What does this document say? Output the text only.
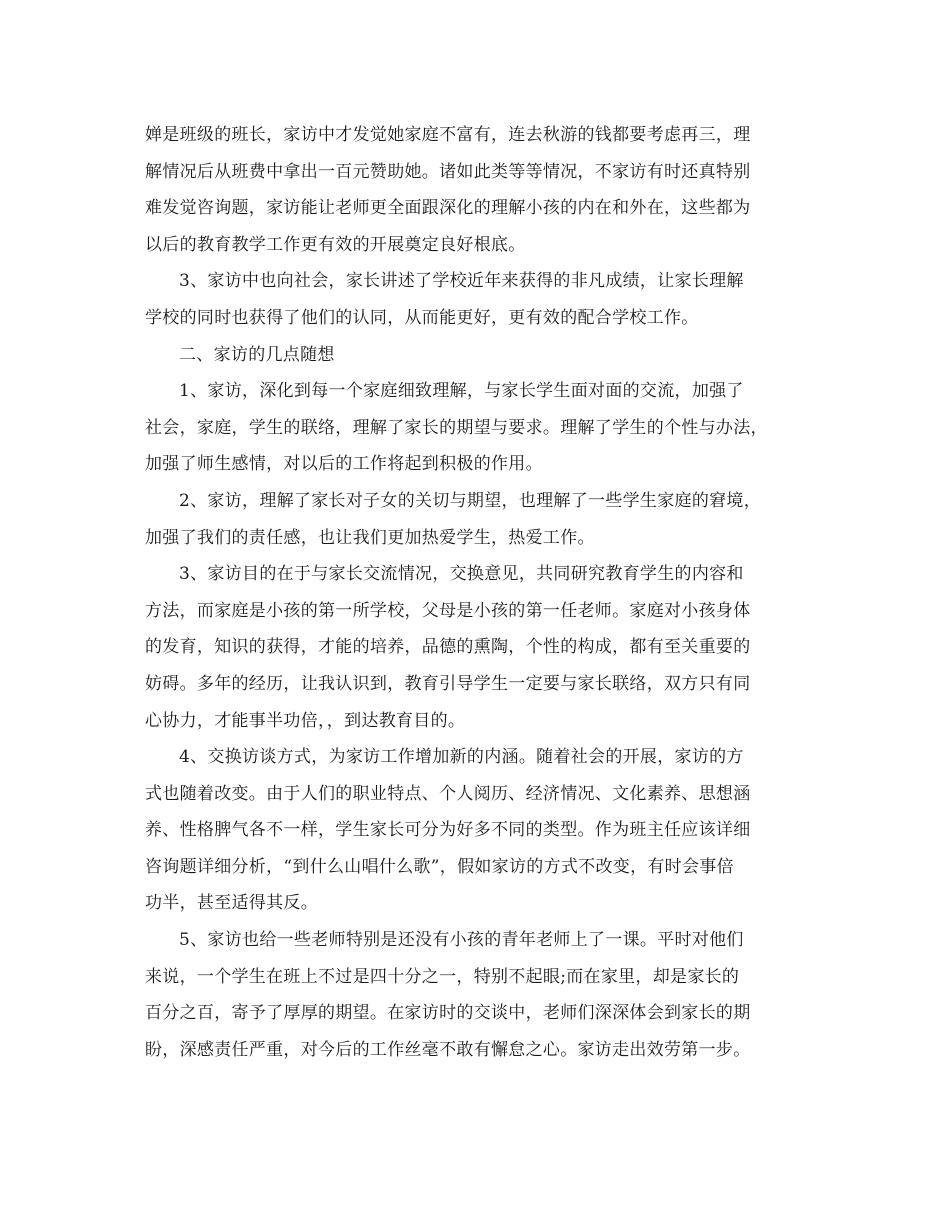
婵是班级的班长，家访中才发觉她家庭不富有，连去秋游的钱都要考虑再三，理
解情况后从班费中拿出一百元赞助她。诸如此类等等情况，不家访有时还真特别
难发觉咨询题，家访能让老师更全面跟深化的理解小孩的内在和外在，这些都为
以后的教育教学工作更有效的开展奠定良好根底。

3、家访中也向社会，家长讲述了学校近年来获得的非凡成绩，让家长理解
学校的同时也获得了他们的认同，从而能更好，更有效的配合学校工作。

二、家访的几点随想

1、家访，深化到每一个家庭细致理解，与家长学生面对面的交流，加强了
社会，家庭，学生的联络，理解了家长的期望与要求。理解了学生的个性与办法，
加强了师生感情，对以后的工作将起到积极的作用。

2、家访，理解了家长对子女的关切与期望，也理解了一些学生家庭的窘境，
加强了我们的责任感，也让我们更加热爱学生，热爱工作。

3、家访目的在于与家长交流情况，交换意见，共同研究教育学生的内容和
方法，而家庭是小孩的第一所学校，父母是小孩的第一任老师。家庭对小孩身体
的发育，知识的获得，才能的培养，品德的熏陶，个性的构成，都有至关重要的
妨碍。多年的经历，让我认识到，教育引导学生一定要与家长联络，双方只有同
心协力，才能事半功倍，，到达教育目的。

4、交换访谈方式，为家访工作增加新的内涵。随着社会的开展，家访的方
式也随着改变。由于人们的职业特点、个人阅历、经济情况、文化素养、思想涵
养、性格脾气各不一样，学生家长可分为好多不同的类型。作为班主任应该详细
咨询题详细分析，“到什么山唱什么歌”，假如家访的方式不改变，有时会事倍
功半，甚至适得其反。

5、家访也给一些老师特别是还没有小孩的青年老师上了一课。平时对他们
来说，一个学生在班上不过是四十分之一，特别不起眼;而在家里，却是家长的
百分之百，寄予了厚厚的期望。在家访时的交谈中，老师们深深体会到家长的期
盼，深感责任严重，对今后的工作丝毫不敢有懈怠之心。家访走出效劳第一步。
